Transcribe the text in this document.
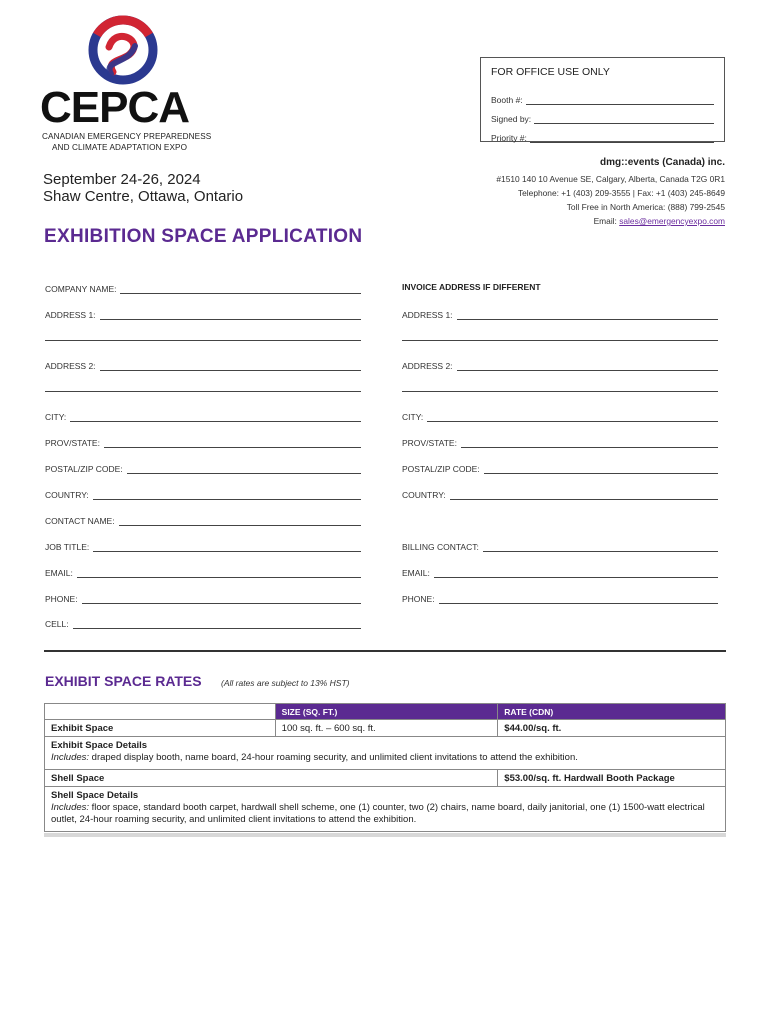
CEPCA
CANADIAN EMERGENCY PREPAREDNESS
AND CLIMATE ADAPTATION EXPO
FOR OFFICE USE ONLY
Booth #:
Signed by:
Priority #:
September 24-26, 2024
Shaw Centre, Ottawa, Ontario
dmg::events (Canada) inc.
#1510 140 10 Avenue SE, Calgary, Alberta, Canada T2G 0R1
Telephone: +1 (403) 209-3555 | Fax: +1 (403) 245-8649
Toll Free in North America: (888) 799-2545
Email: sales@emergencyexpo.com
EXHIBITION SPACE APPLICATION
COMPANY NAME:
ADDRESS 1:
ADDRESS 2:
CITY:
PROV/STATE:
POSTAL/ZIP CODE:
COUNTRY:
CONTACT NAME:
JOB TITLE:
EMAIL:
PHONE:
CELL:
INVOICE ADDRESS IF DIFFERENT
ADDRESS 1:
ADDRESS 2:
CITY:
PROV/STATE:
POSTAL/ZIP CODE:
COUNTRY:
BILLING CONTACT:
EMAIL:
PHONE:
EXHIBIT SPACE RATES (All rates are subject to 13% HST)
	SIZE (SQ. FT.)	RATE (CDN)
Exhibit Space	100 sq. ft. – 600 sq. ft.	$44.00/sq. ft.

Exhibit Space Details
Includes: draped display booth, name board, 24-hour roaming security, and unlimited client invitations to attend the exhibition.		
Shell Space		$53.00/sq. ft. Hardwall Booth Package

Shell Space Details
Includes: floor space, standard booth carpet, hardwall shell scheme, one (1) counter, two (2) chairs, name board, daily janitorial, one (1) 1500-watt electrical outlet, 24-hour roaming security, and unlimited client invitations to attend the exhibition.		
